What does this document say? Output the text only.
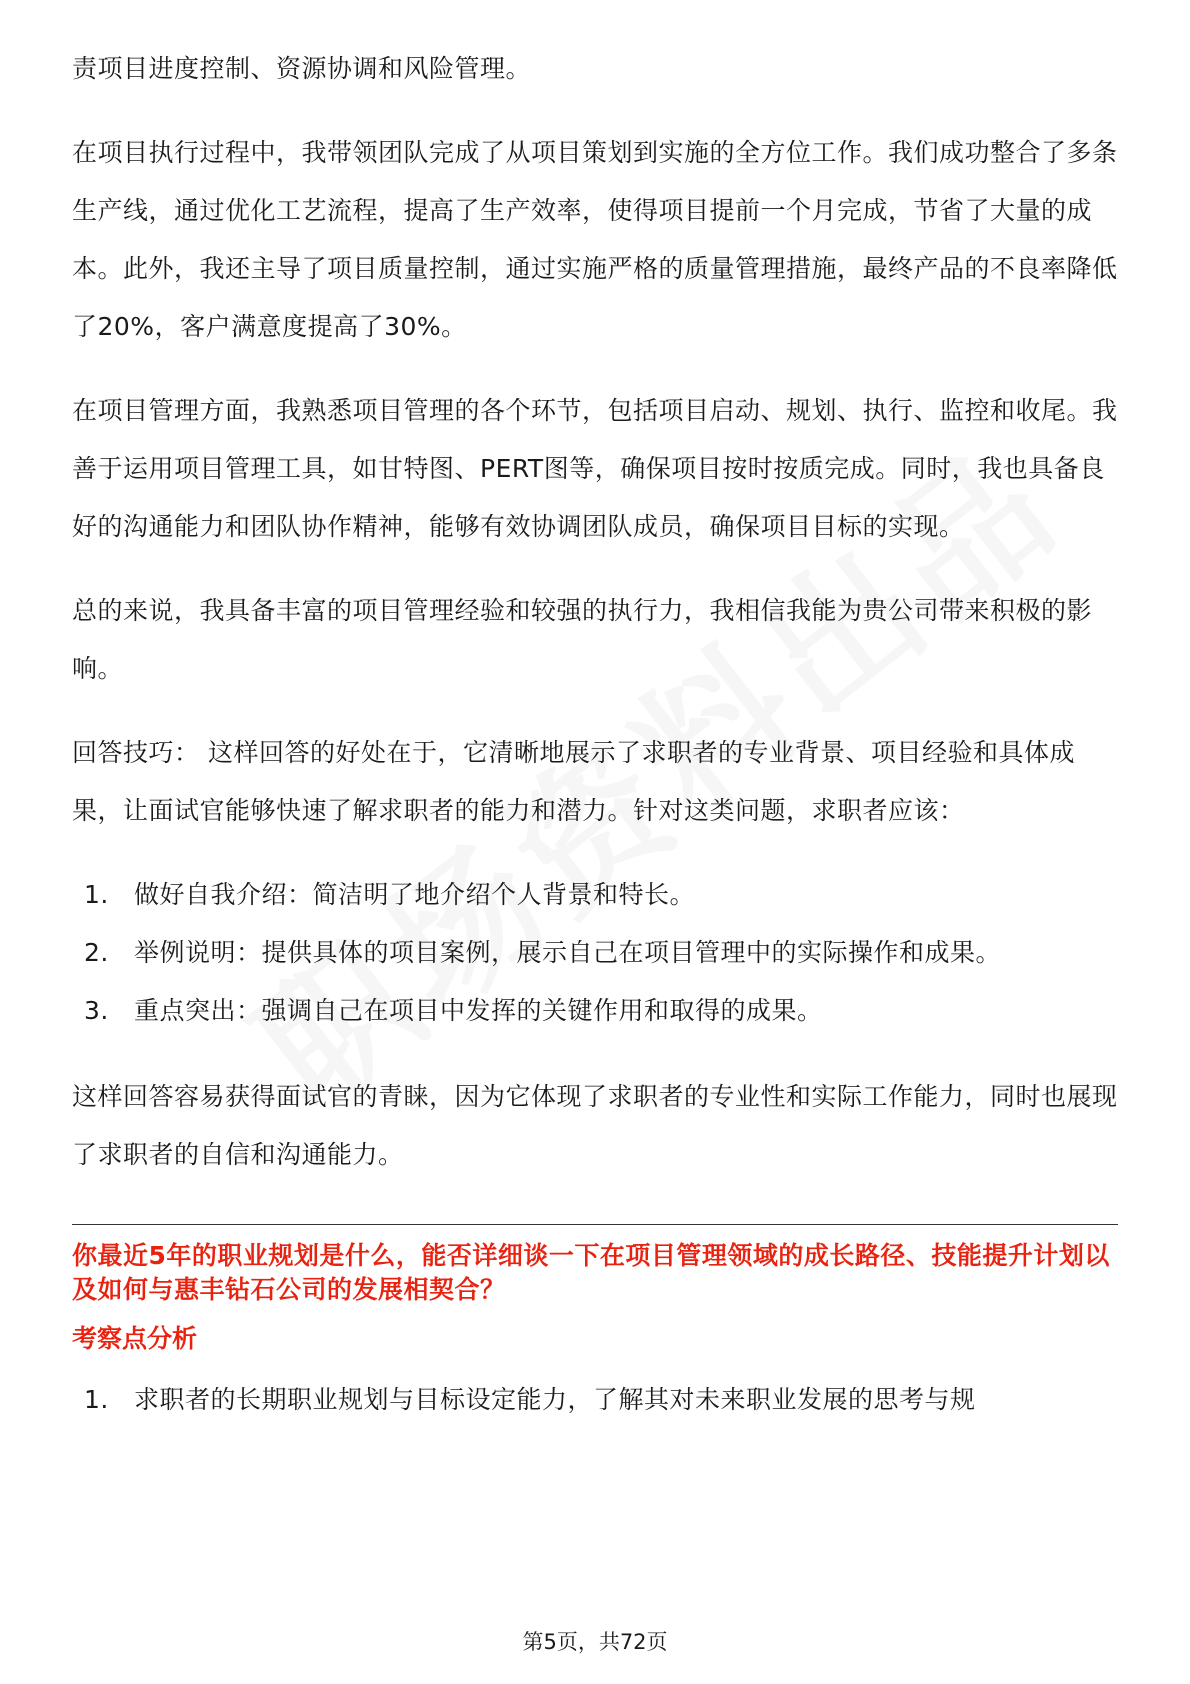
责项目进度控制、资源协调和风险管理。

在项目执行过程中，我带领团队完成了从项目策划到实施的全方位工作。我们成功整合了多条生产线，通过优化工艺流程，提高了生产效率，使得项目提前一个月完成，节省了大量的成本。此外，我还主导了项目质量控制，通过实施严格的质量管理措施，最终产品的不良率降低了20%，客户满意度提高了30%。

在项目管理方面，我熟悉项目管理的各个环节，包括项目启动、规划、执行、监控和收尾。我善于运用项目管理工具，如甘特图、PERT图等，确保项目按时按质完成。同时，我也具备良好的沟通能力和团队协作精神，能够有效协调团队成员，确保项目目标的实现。

总的来说，我具备丰富的项目管理经验和较强的执行力，我相信我能为贵公司带来积极的影响。

回答技巧： 这样回答的好处在于，它清晰地展示了求职者的专业背景、项目经验和具体成果，让面试官能够快速了解求职者的能力和潜力。针对这类问题，求职者应该：

1.	做好自我介绍：简洁明了地介绍个人背景和特长。
2.	举例说明：提供具体的项目案例，展示自己在项目管理中的实际操作和成果。
3.	重点突出：强调自己在项目中发挥的关键作用和取得的成果。

这样回答容易获得面试官的青睐，因为它体现了求职者的专业性和实际工作能力，同时也展现了求职者的自信和沟通能力。

你最近5年的职业规划是什么，能否详细谈一下在项目管理领域的成长路径、技能提升计划以及如何与惠丰钻石公司的发展相契合？

考察点分析

1.	求职者的长期职业规划与目标设定能力，了解其对未来职业发展的思考与规
第5页，共72页
